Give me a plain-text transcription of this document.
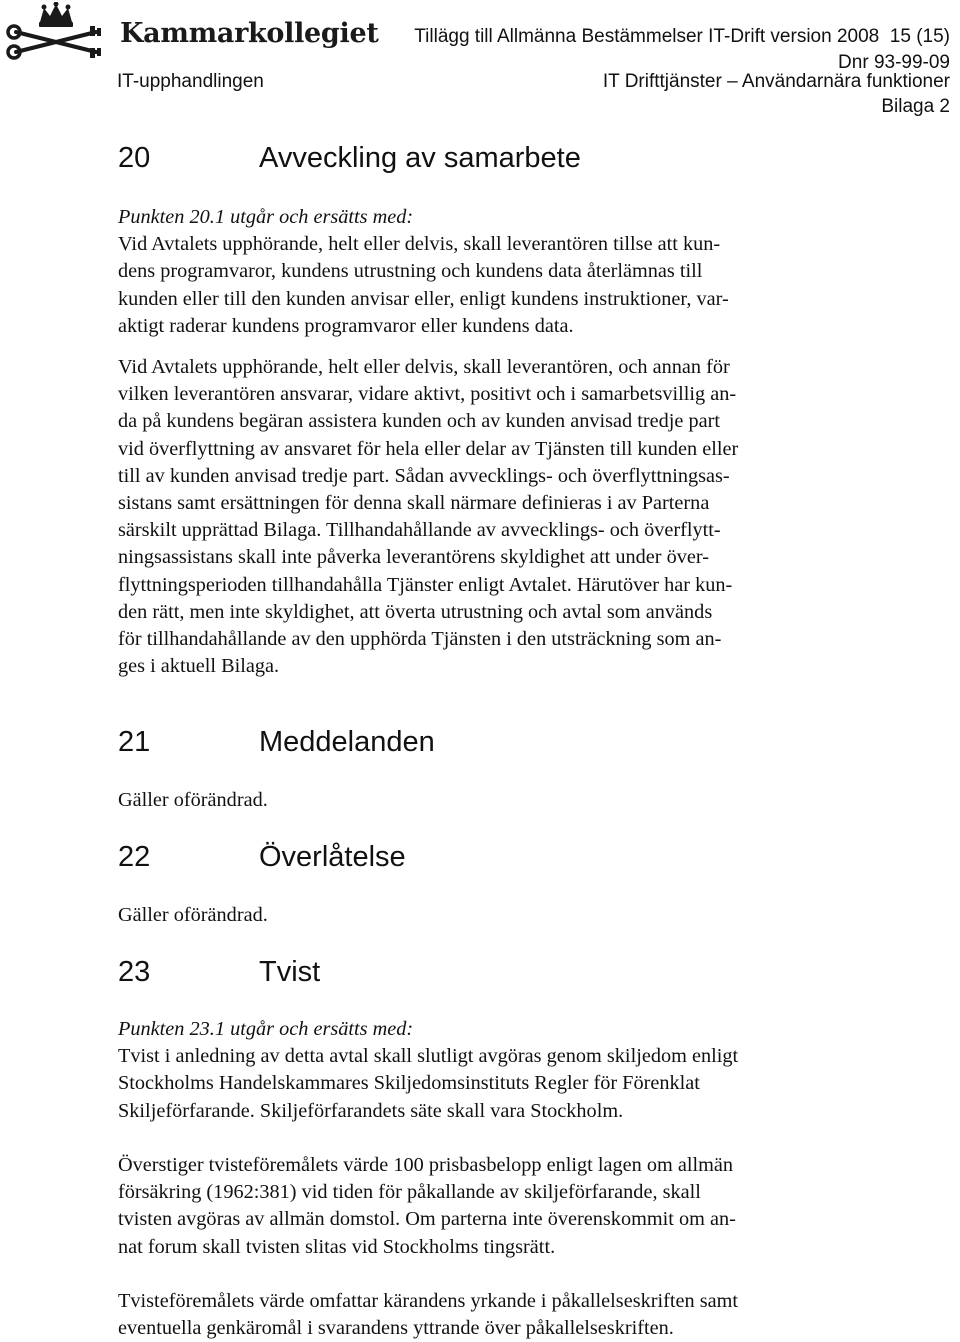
Kammarkollegiet Tillägg till Allmänna Bestämmelser IT-Drift version 2008 15 (15)
Dnr 93-99-09
IT-upphandlingen	IT Drifttjänster – Användarnära funktioner
Bilaga 2
20	Avveckling av samarbete
Punkten 20.1 utgår och ersätts med:
Vid Avtalets upphörande, helt eller delvis, skall leverantören tillse att kun-
dens programvaror, kundens utrustning och kundens data återlämnas till
kunden eller till den kunden anvisar eller, enligt kundens instruktioner, var-
aktigt raderar kundens programvaror eller kundens data.
Vid Avtalets upphörande, helt eller delvis, skall leverantören, och annan för
vilken leverantören ansvarar, vidare aktivt, positivt och i samarbetsvillig an-
da på kundens begäran assistera kunden och av kunden anvisad tredje part
vid överflyttning av ansvaret för hela eller delar av Tjänsten till kunden eller
till av kunden anvisad tredje part. Sådan avvecklings- och överflyttningsas-
sistans samt ersättningen för denna skall närmare definieras i av Parterna
särskilt upprättad Bilaga. Tillhandahållande av avvecklings- och överflytt-
ningsassistans skall inte påverka leverantörens skyldighet att under över-
flyttningsperioden tillhandahålla Tjänster enligt Avtalet. Härutöver har kun-
den rätt, men inte skyldighet, att överta utrustning och avtal som används
för tillhandahållande av den upphörda Tjänsten i den utsträckning som an-
ges i aktuell Bilaga.
21	Meddelanden
Gäller oförändrad.
22	Överlåtelse
Gäller oförändrad.
23	Tvist
Punkten 23.1 utgår och ersätts med:
Tvist i anledning av detta avtal skall slutligt avgöras genom skiljedom enligt
Stockholms Handelskammares Skiljedomsinstituts Regler för Förenklat
Skiljeförfarande. Skiljeförfarandets säte skall vara Stockholm.
Överstiger tvisteföremålets värde 100 prisbasbelopp enligt lagen om allmän
försäkring (1962:381) vid tiden för påkallande av skiljeförfarande, skall
tvisten avgöras av allmän domstol. Om parterna inte överenskommit om an-
nat forum skall tvisten slitas vid Stockholms tingsrätt.
Tvisteföremålets värde omfattar kärandens yrkande i påkallelseskriften samt
eventuella genkäromål i svarandens yttrande över påkallelseskriften.
